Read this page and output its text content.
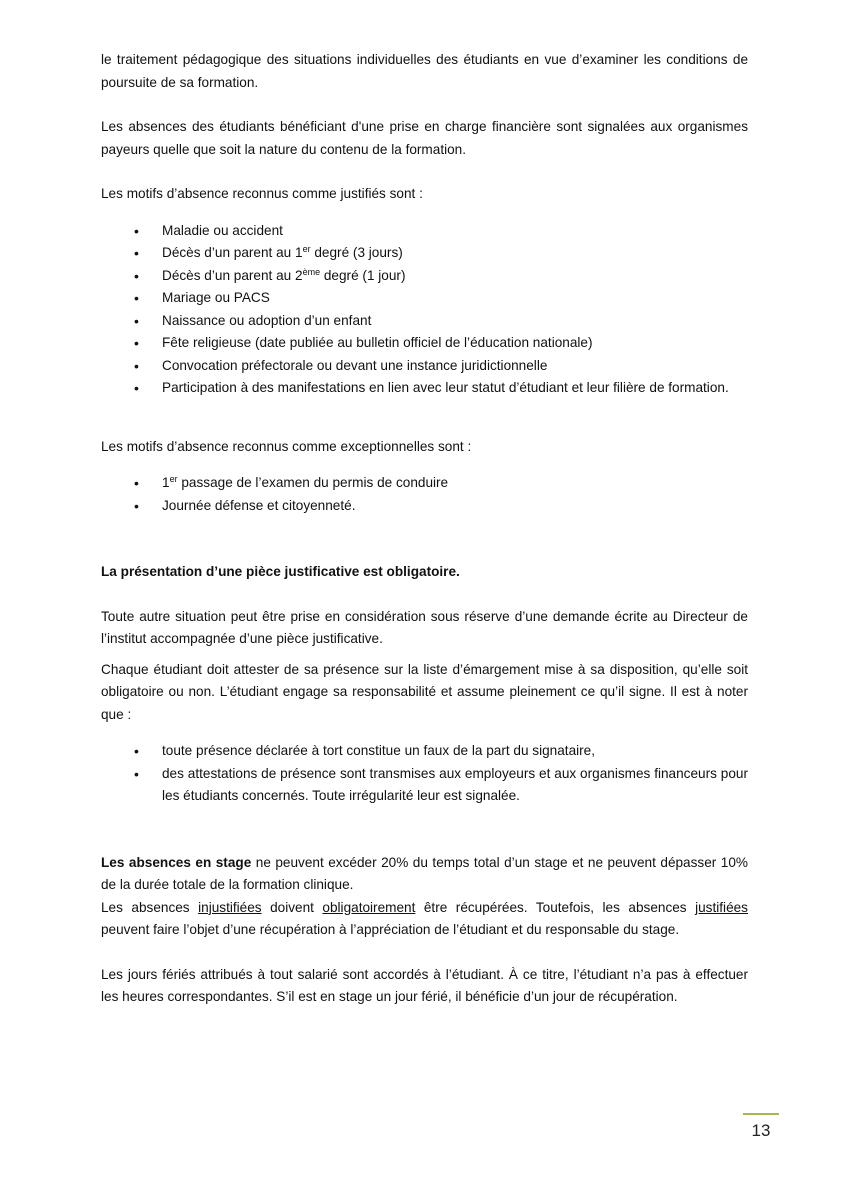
le traitement pédagogique des situations individuelles des étudiants en vue d’examiner les conditions de poursuite de sa formation.

Les absences des étudiants bénéficiant d'une prise en charge financière sont signalées aux organismes payeurs quelle que soit la nature du contenu de la formation.

Les motifs d’absence reconnus comme justifiés sont :

• Maladie ou accident
• Décès d’un parent au 1er degré (3 jours)
• Décès d’un parent au 2ème degré (1 jour)
• Mariage ou PACS
• Naissance ou adoption d’un enfant
• Fête religieuse (date publiée au bulletin officiel de l’éducation nationale)
• Convocation préfectorale ou devant une instance juridictionnelle
• Participation à des manifestations en lien avec leur statut d’étudiant et leur filière de formation.

Les motifs d’absence reconnus comme exceptionnelles sont :

• 1er passage de l’examen du permis de conduire
• Journée défense et citoyenneté.

La présentation d’une pièce justificative est obligatoire.

Toute autre situation peut être prise en considération sous réserve d’une demande écrite au Directeur de l’institut accompagnée d’une pièce justificative.

Chaque étudiant doit attester de sa présence sur la liste d’émargement mise à sa disposition, qu’elle soit obligatoire ou non. L’étudiant engage sa responsabilité et assume pleinement ce qu’il signe. Il est à noter que :

• toute présence déclarée à tort constitue un faux de la part du signataire,
• des attestations de présence sont transmises aux employeurs et aux organismes financeurs pour les étudiants concernés. Toute irrégularité leur est signalée.

Les absences en stage ne peuvent excéder 20% du temps total d’un stage et ne peuvent dépasser 10% de la durée totale de la formation clinique.

Les absences injustifiées doivent obligatoirement être récupérées. Toutefois, les absences justifiées peuvent faire l’objet d’une récupération à l’appréciation de l’étudiant et du responsable du stage.

Les jours fériés attribués à tout salarié sont accordés à l’étudiant. À ce titre, l’étudiant n’a pas à effectuer les heures correspondantes. S’il est en stage un jour férié, il bénéficie d’un jour de récupération.

13
